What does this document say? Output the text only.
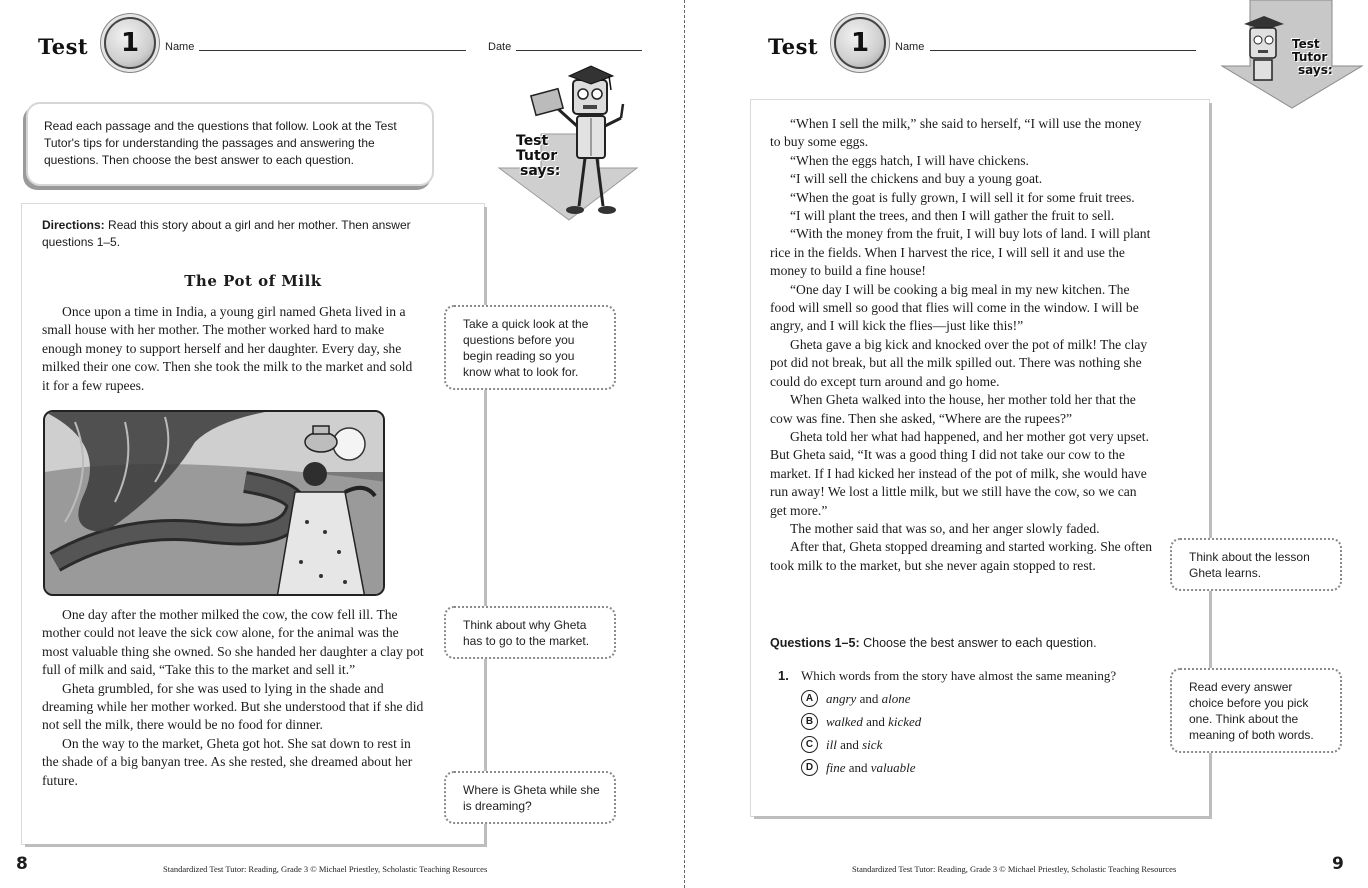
Test	1	Name	Date
Read each passage and the questions that follow. Look at the Test Tutor's tips for understanding the passages and answering the questions. Then choose the best answer to each question.
Test
Tutor
says:
Directions: Read this story about a girl and her mother. Then answer questions 1–5.
The Pot of Milk

Once upon a time in India, a young girl named Gheta lived in a small house with her mother. The mother worked hard to make enough money to support herself and her daughter. Every day, she milked their one cow. Then she took the milk to the market and sold it for a few rupees.

One day after the mother milked the cow, the cow fell ill. The mother could not leave the sick cow alone, for the animal was the most valuable thing she owned. So she handed her daughter a clay pot full of milk and said, “Take this to the market and sell it.”

Gheta grumbled, for she was used to lying in the shade and dreaming while her mother worked. But she understood that if she did not sell the milk, there would be no food for dinner.

On the way to the market, Gheta got hot. She sat down to rest in the shade of a big banyan tree. As she rested, she dreamed about her future.

Take a quick look at the questions before you begin reading so you know what to look for.
Think about why Gheta has to go to the market.
Where is Gheta while she is dreaming?
8	Standardized Test Tutor: Reading, Grade 3 © Michael Priestley, Scholastic Teaching Resources
Test	1	Name	Test
Tutor
says:

“When I sell the milk,” she said to herself, “I will use the money to buy some eggs.

“When the eggs hatch, I will have chickens.

“I will sell the chickens and buy a young goat.

“When the goat is fully grown, I will sell it for some fruit trees.

“I will plant the trees, and then I will gather the fruit to sell.

“With the money from the fruit, I will buy lots of land. I will plant rice in the fields. When I harvest the rice, I will sell it and use the money to build a fine house!

“One day I will be cooking a big meal in my new kitchen. The food will smell so good that flies will come in the window. I will be angry, and I will kick the flies—just like this!”

Gheta gave a big kick and knocked over the pot of milk! The clay pot did not break, but all the milk spilled out. There was nothing she could do except turn around and go home.

When Gheta walked into the house, her mother told her that the cow was fine. Then she asked, “Where are the rupees?”

Gheta told her what had happened, and her mother got very upset. But Gheta said, “It was a good thing I did not take our cow to the market. If I had kicked her instead of the pot of milk, she would have run away! We lost a little milk, but we still have the cow, so we can get more.”

The mother said that was so, and her anger slowly faded.

After that, Gheta stopped dreaming and started working. She often took milk to the market, but she never again stopped to rest.

Questions 1–5: Choose the best answer to each question.
1. Which words from the story have almost the same meaning?
A angry and alone
B walked and kicked
C ill and sick
D fine and valuable
Think about the lesson Gheta learns.
Read every answer choice before you pick one. Think about the meaning of both words.
Standardized Test Tutor: Reading, Grade 3 © Michael Priestley, Scholastic Teaching Resources	9
